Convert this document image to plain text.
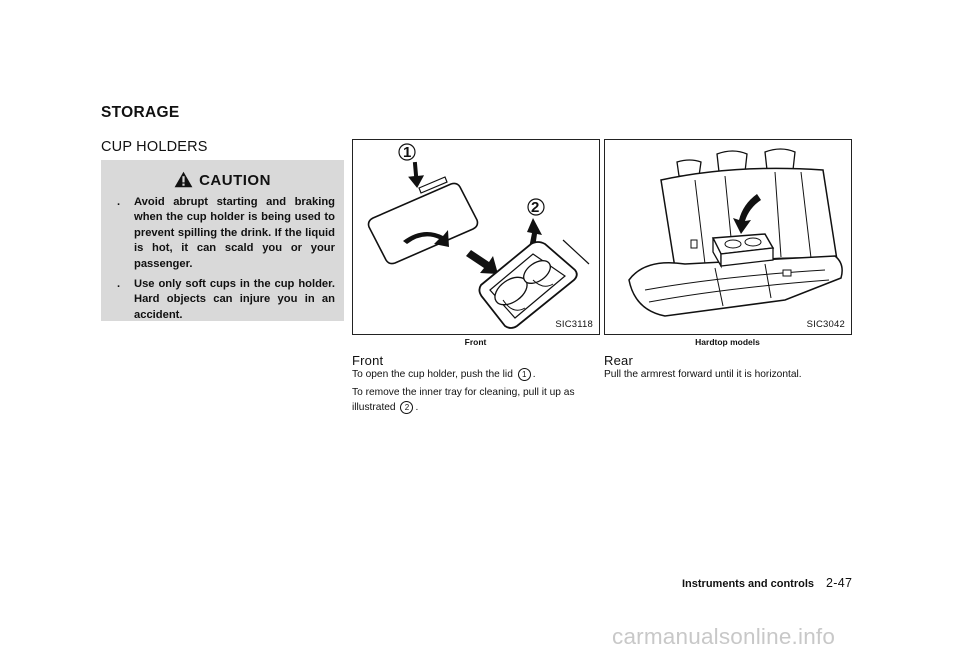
STORAGE
CUP HOLDERS
CAUTION
. Avoid abrupt starting and braking when the cup holder is being used to prevent spilling the drink. If the liquid is hot, it can scald you or your passenger.
. Use only soft cups in the cup holder. Hard objects can injure you in an accident.
1
2
SIC3118
Front
SIC3042
Hardtop models
Front
To open the cup holder, push the lid 1 .
To remove the inner tray for cleaning, pull it up as illustrated 2 .
Rear
Pull the armrest forward until it is horizontal.
Instruments and controls 2-47
carmanualsonline.info
